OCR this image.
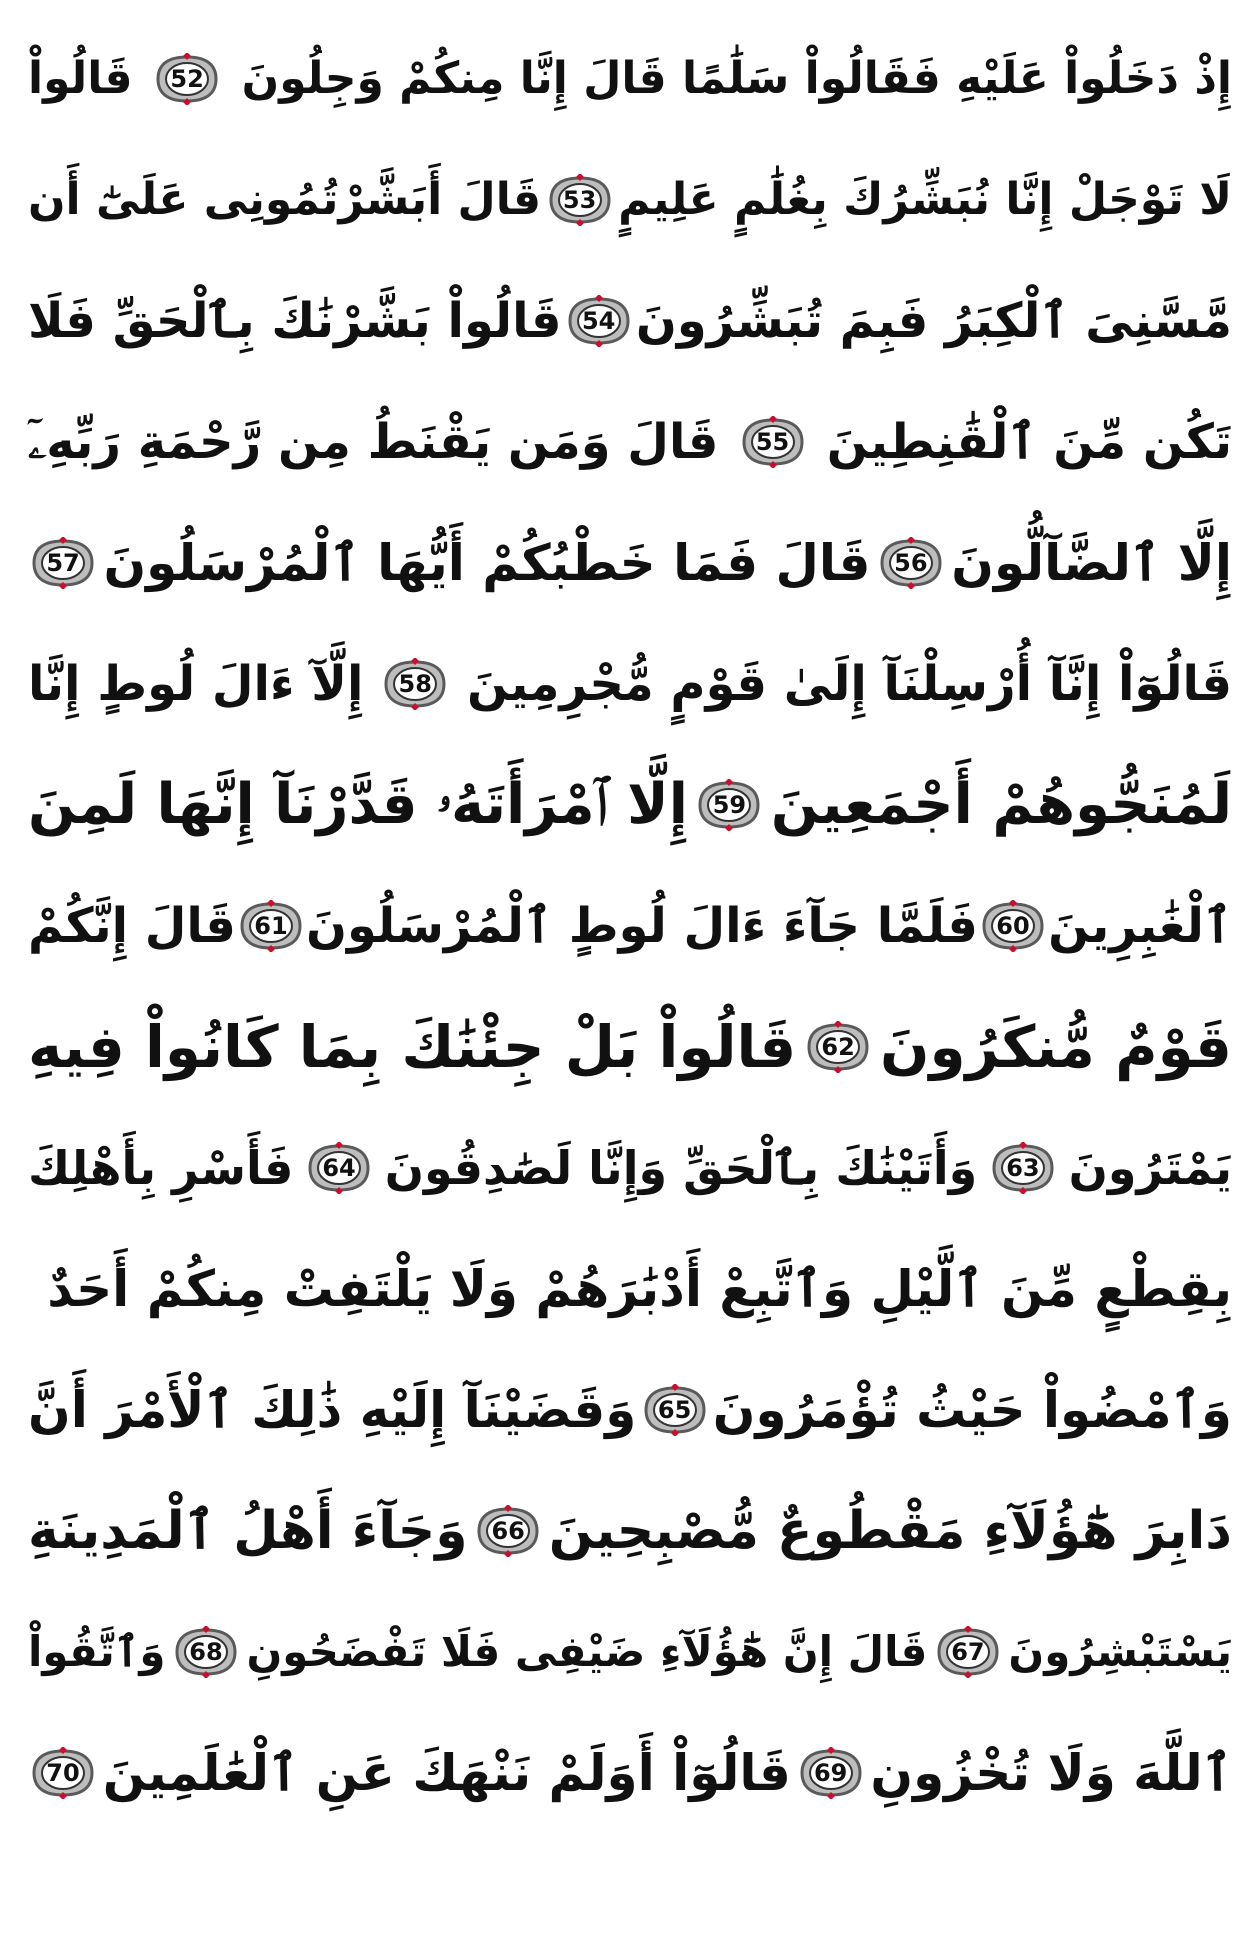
إِذْ دَخَلُواْ عَلَيْهِ فَقَالُواْ سَلَٰمًا قَالَ إِنَّا مِنكُمْ وَجِلُونَ
52
قَالُواْ
لَا تَوْجَلْ إِنَّا نُبَشِّرُكَ بِغُلَٰمٍ عَلِيمٍ
53
قَالَ أَبَشَّرْتُمُونِى عَلَىٰٓ أَن
مَّسَّنِىَ ٱلْكِبَرُ فَبِمَ تُبَشِّرُونَ
54
قَالُواْ بَشَّرْنَٰكَ بِٱلْحَقِّ فَلَا
تَكُن مِّنَ ٱلْقَٰنِطِينَ
55
قَالَ وَمَن يَقْنَطُ مِن رَّحْمَةِ رَبِّهِۦٓ
إِلَّا ٱلضَّآلُّونَ
56
قَالَ فَمَا خَطْبُكُمْ أَيُّهَا ٱلْمُرْسَلُونَ
57
قَالُوٓاْ إِنَّآ أُرْسِلْنَآ إِلَىٰ قَوْمٍ مُّجْرِمِينَ
58
إِلَّآ ءَالَ لُوطٍ إِنَّا
لَمُنَجُّوهُمْ أَجْمَعِينَ
59
إِلَّا ٱمْرَأَتَهُۥ قَدَّرْنَآ إِنَّهَا لَمِنَ
ٱلْغَٰبِرِينَ
60
فَلَمَّا جَآءَ ءَالَ لُوطٍ ٱلْمُرْسَلُونَ
61
قَالَ إِنَّكُمْ
قَوْمٌ مُّنكَرُونَ
62
قَالُواْ بَلْ جِئْنَٰكَ بِمَا كَانُواْ فِيهِ
يَمْتَرُونَ
63
وَأَتَيْنَٰكَ بِٱلْحَقِّ وَإِنَّا لَصَٰدِقُونَ
64
فَأَسْرِ بِأَهْلِكَ
بِقِطْعٍ مِّنَ ٱلَّيْلِ وَٱتَّبِعْ أَدْبَٰرَهُمْ وَلَا يَلْتَفِتْ مِنكُمْ أَحَدٌ
وَٱمْضُواْ حَيْثُ تُؤْمَرُونَ
65
وَقَضَيْنَآ إِلَيْهِ ذَٰلِكَ ٱلْأَمْرَ أَنَّ
دَابِرَ هَٰٓؤُلَآءِ مَقْطُوعٌ مُّصْبِحِينَ
66
وَجَآءَ أَهْلُ ٱلْمَدِينَةِ
يَسْتَبْشِرُونَ
67
قَالَ إِنَّ هَٰٓؤُلَآءِ ضَيْفِى فَلَا تَفْضَحُونِ
68
وَٱتَّقُواْ
ٱللَّهَ وَلَا تُخْزُونِ
69
قَالُوٓاْ أَوَلَمْ نَنْهَكَ عَنِ ٱلْعَٰلَمِينَ
70
